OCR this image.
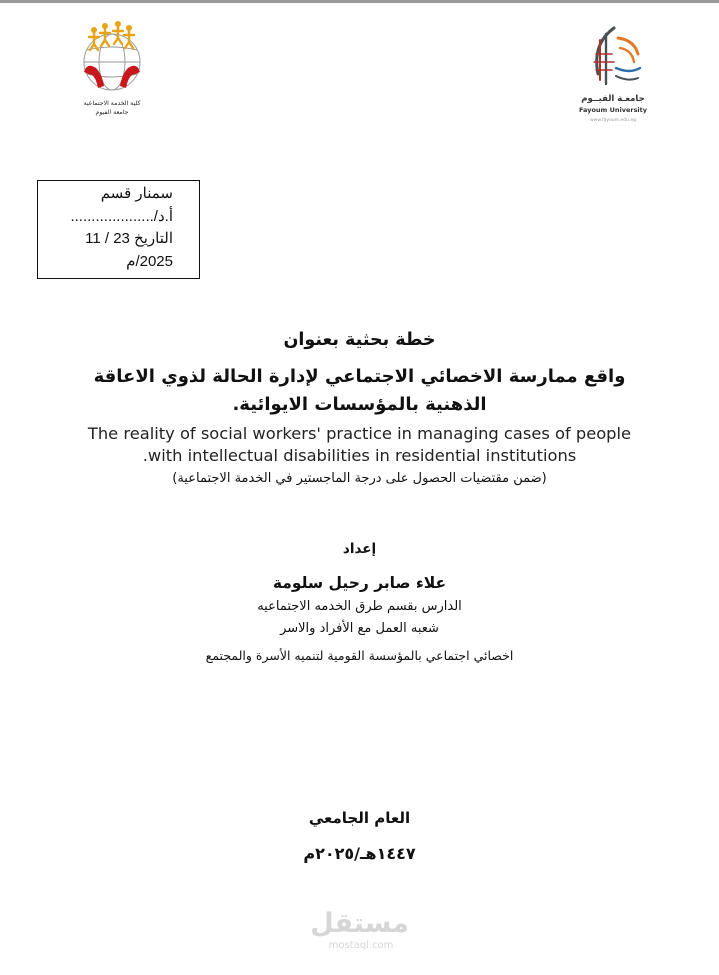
كلية الخدمة الاجتماعية
جامعة الفيوم
جامعـة الفيــوم
Fayoum University
www.fayoum.edu.eg
سمنار قسم
أ.د/....................
التاريخ 23 / 11
2025/م
خطة بحثية بعنوان
واقع ممارسة الاخصائي الاجتماعي لإدارة الحالة لذوي الاعاقة
الذهنية بالمؤسسات الايوائية.
The reality of social workers' practice in managing cases of people
.with intellectual disabilities in residential institutions
(ضمن مقتضيات الحصول على درجة الماجستير في الخدمة الاجتماعية)
إعداد
علاء صابر رحيل سلومة
الدارس بقسم طرق الخدمه الاجتماعيه
شعبه العمل مع الأفراد والاسر
اخصائي اجتماعي بالمؤسسة القومية لتنميه الأسرة والمجتمع
العام الجامعي
١٤٤٧هـ/٢٠٢٥م
مستقل
mostaql.com
